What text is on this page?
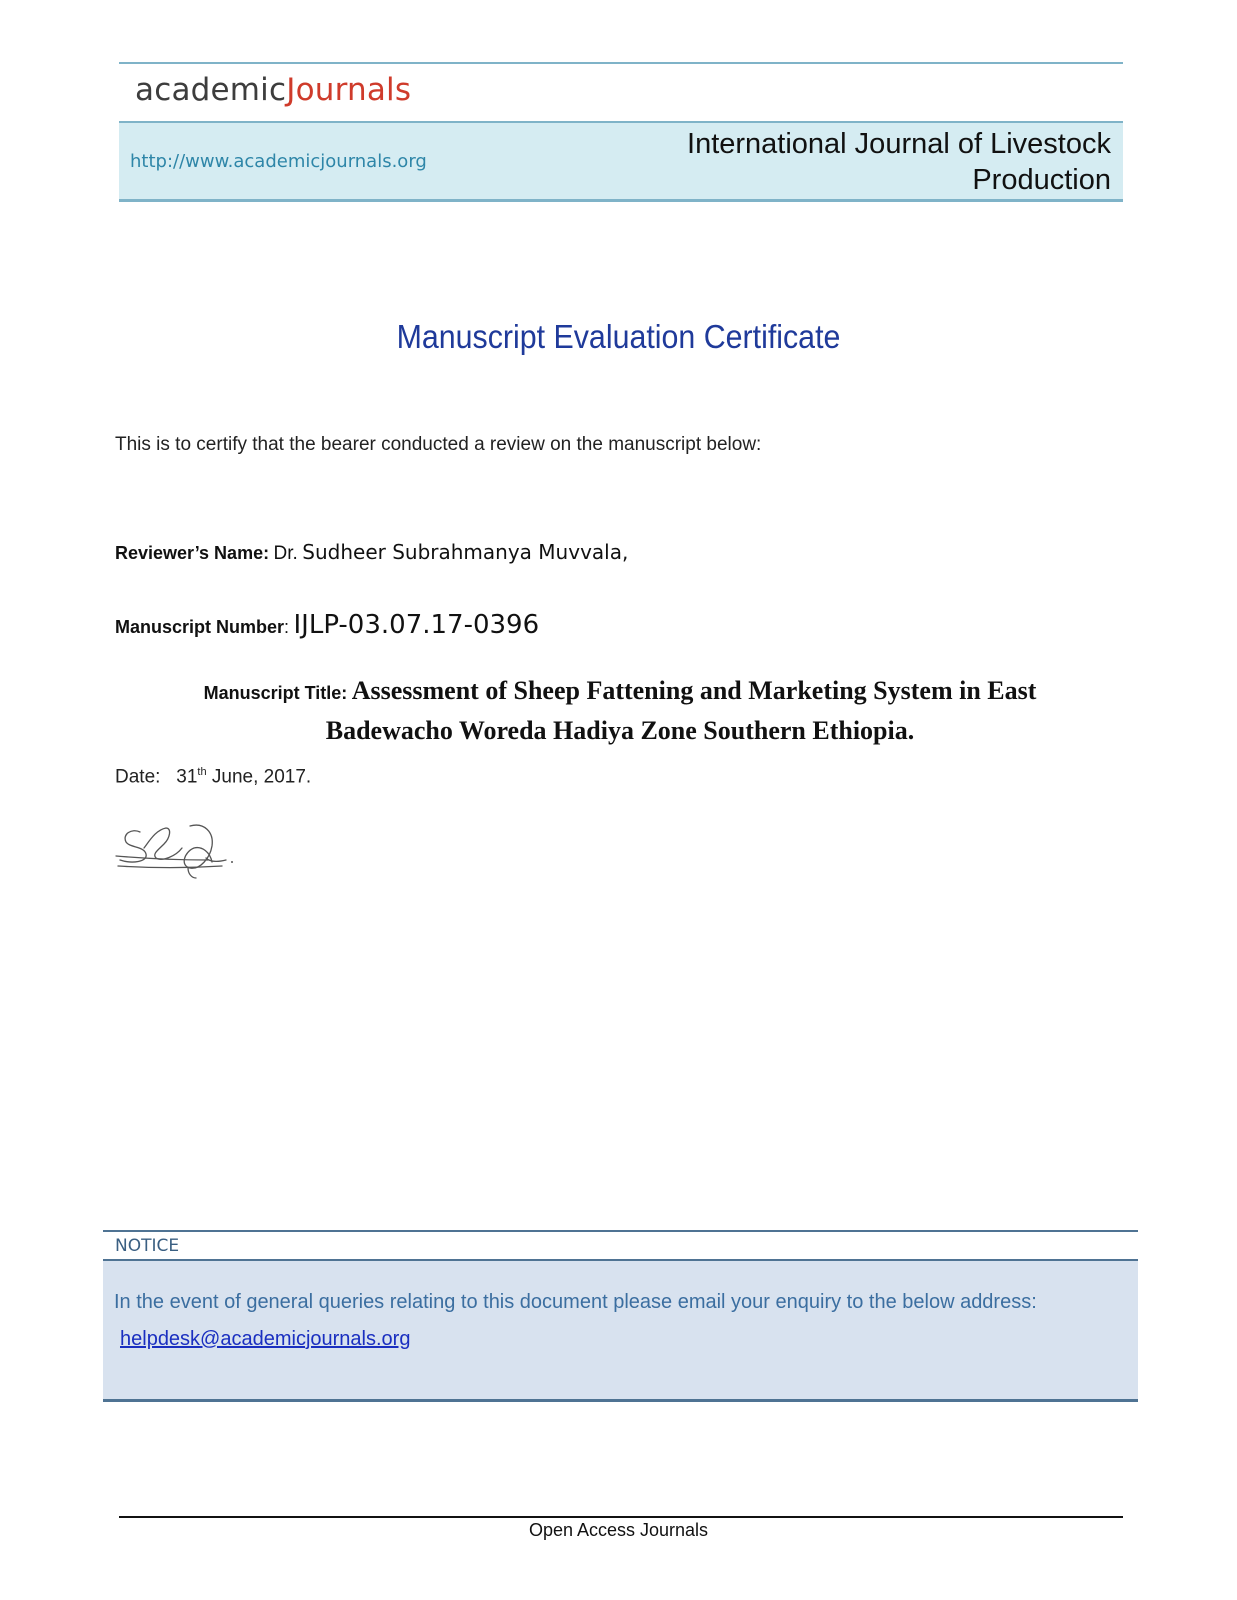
academicJournals
http://www.academicjournals.org
International Journal of Livestock
Production
Manuscript Evaluation Certificate
This is to certify that the bearer conducted a review on the manuscript below:
Reviewer’s Name: Dr. Sudheer Subrahmanya Muvvala,
Manuscript Number: IJLP-03.07.17-0396
Manuscript Title: Assessment of Sheep Fattening and Marketing System in East
Badewacho Woreda Hadiya Zone Southern Ethiopia.
Date: 31th June, 2017.
NOTICE
In the event of general queries relating to this document please email your enquiry to the below address:
helpdesk@academicjournals.org
Open Access Journals
